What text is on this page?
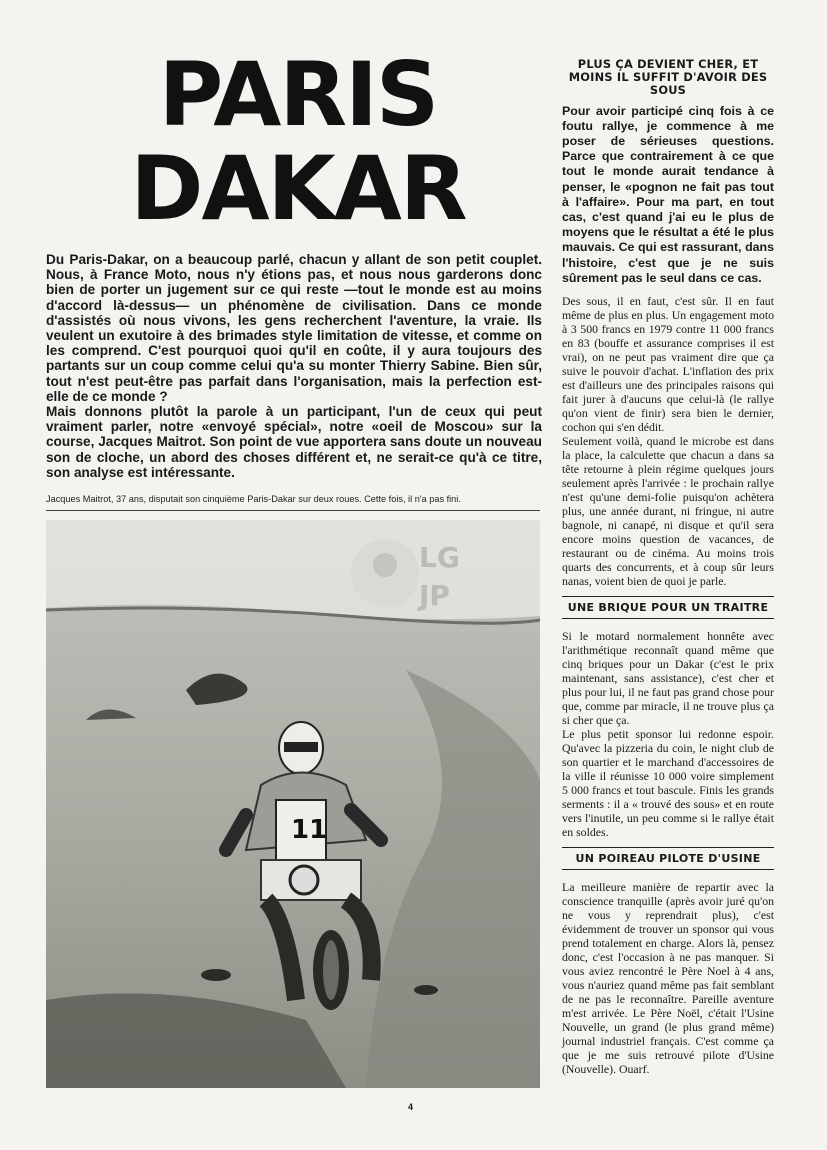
PARIS
DAKAR

Du Paris-Dakar, on a beaucoup parlé, chacun y allant de son petit couplet. Nous, à France Moto, nous n'y étions pas, et nous nous garderons donc bien de porter un jugement sur ce qui reste —tout le monde est au moins d'accord là-dessus— un phénomène de civilisation. Dans ce monde d'assistés où nous vivons, les gens recherchent l'aventure, la vraie. Ils veulent un exutoire à des brimades style limitation de vitesse, et comme on les comprend. C'est pourquoi quoi qu'il en coûte, il y aura toujours des partants sur un coup comme celui qu'a su monter Thierry Sabine. Bien sûr, tout n'est peut-être pas parfait dans l'organisation, mais la perfection est-elle de ce monde ?

Mais donnons plutôt la parole à un participant, l'un de ceux qui peut vraiment parler, notre «envoyé spécial», notre «oeil de Moscou» sur la course, Jacques Maitrot. Son point de vue apportera sans doute un nouveau son de cloche, un abord des choses différent et, ne serait-ce qu'à ce titre, son analyse est intéressante.

Jacques Maitrot, 37 ans, disputait son cinquième Paris-Dakar sur deux roues. Cette fois, il n'a pas fini.
11
LG
JP
PLUS ÇA DEVIENT CHER, ET MOINS IL SUFFIT D'AVOIR DES SOUS

Pour avoir participé cinq fois à ce foutu rallye, je commence à me poser de sérieuses questions. Parce que contrairement à ce que tout le monde aurait tendance à penser, le «pognon ne fait pas tout à l'affaire». Pour ma part, en tout cas, c'est quand j'ai eu le plus de moyens que le résultat a été le plus mauvais. Ce qui est rassurant, dans l'histoire, c'est que je ne suis sûrement pas le seul dans ce cas.

Des sous, il en faut, c'est sûr. Il en faut même de plus en plus. Un engagement moto à 3 500 francs en 1979 contre 11 000 francs en 83 (bouffe et assurance comprises il est vrai), on ne peut pas vraiment dire que ça suive le pouvoir d'achat. L'inflation des prix est d'ailleurs une des principales raisons qui fait jurer à d'aucuns que celui-là (le rallye qu'on vient de finir) sera bien le dernier, cochon qui s'en dédit.

Seulement voilà, quand le microbe est dans la place, la calculette que chacun a dans sa tête retourne à plein régime quelques jours seulement après l'arrivée : le prochain rallye n'est qu'une demi-folie puisqu'on achètera plus, une année durant, ni fringue, ni autre bagnole, ni canapé, ni disque et qu'il sera encore moins question de vacances, de restaurant ou de cinéma. Au moins trois quarts des concurrents, et à coup sûr leurs nanas, voient bien de quoi je parle.

UNE BRIQUE POUR UN TRAITRE

Si le motard normalement honnête avec l'arithmétique reconnaît quand même que cinq briques pour un Dakar (c'est le prix maintenant, sans assistance), c'est cher et plus pour lui, il ne faut pas grand chose pour que, comme par miracle, il ne trouve plus ça si cher que ça.

Le plus petit sponsor lui redonne espoir. Qu'avec la pizzeria du coin, le night club de son quartier et le marchand d'accessoires de la ville il réunisse 10 000 voire simplement 5 000 francs et tout bascule. Finis les grands serments : il a « trouvé des sous» et en route vers l'inutile, un peu comme si le rallye était en soldes.

UN POIREAU PILOTE D'USINE

La meilleure manière de repartir avec la conscience tranquille (après avoir juré qu'on ne vous y reprendrait plus), c'est évidemment de trouver un sponsor qui vous prend totalement en charge. Alors là, pensez donc, c'est l'occasion à ne pas manquer. Si vous aviez rencontré le Père Noel à 4 ans, vous n'auriez quand même pas fait semblant de ne pas le reconnaître. Pareille aventure m'est arrivée. Le Père Noël, c'était l'Usine Nouvelle, un grand (le plus grand même) journal industriel français. C'est comme ça que je me suis retrouvé pilote d'Usine (Nouvelle). Ouarf.

4
